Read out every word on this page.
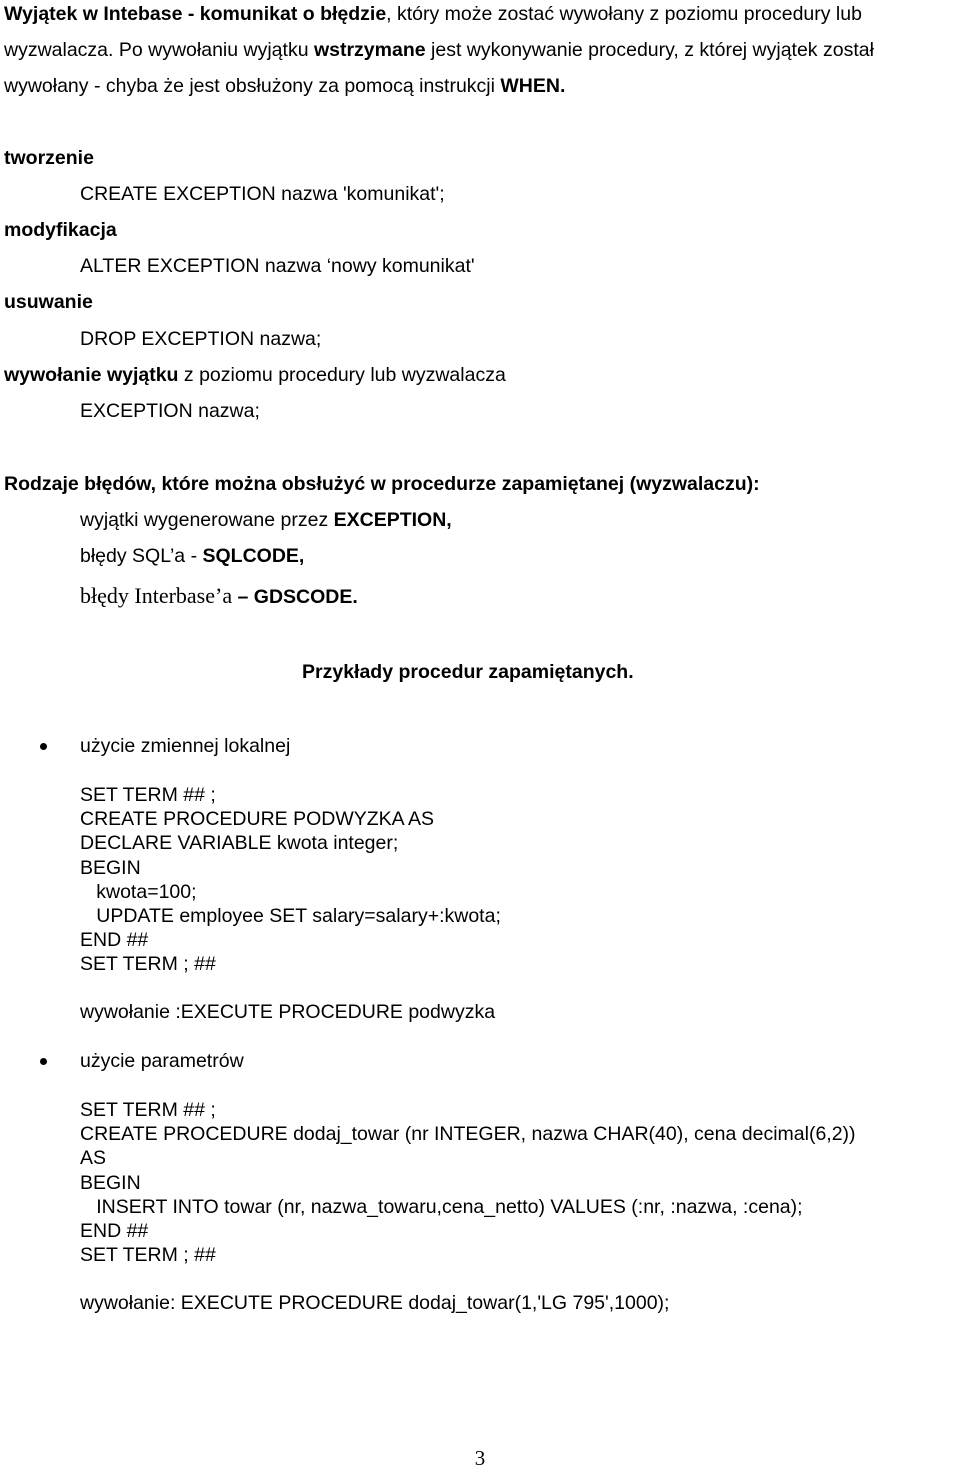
Wyjątek w Intebase - komunikat o błędzie, który może zostać wywołany z poziomu procedury lub
wyzwalacza. Po wywołaniu wyjątku wstrzymane jest wykonywanie procedury, z której wyjątek został
wywołany - chyba że jest obsłużony za pomocą instrukcji WHEN.
tworzenie
CREATE EXCEPTION nazwa 'komunikat';
modyfikacja
ALTER EXCEPTION nazwa ‘nowy komunikat'
usuwanie
DROP EXCEPTION nazwa;
wywołanie wyjątku z poziomu procedury lub wyzwalacza
EXCEPTION nazwa;
Rodzaje błędów, które można obsłużyć w procedurze zapamiętanej (wyzwalaczu):
wyjątki wygenerowane przez EXCEPTION,
błędy SQL’a - SQLCODE,
błędy Interbase’a – GDSCODE.
Przykłady procedur zapamiętanych.
użycie zmiennej lokalnej
SET TERM ## ;
CREATE PROCEDURE PODWYZKA AS
DECLARE VARIABLE kwota integer;
BEGIN
kwota=100;
UPDATE employee SET salary=salary+:kwota;
END ##
SET TERM ; ##
wywołanie :EXECUTE PROCEDURE podwyzka
użycie parametrów
SET TERM ## ;
CREATE PROCEDURE dodaj_towar (nr INTEGER, nazwa CHAR(40), cena decimal(6,2))
AS
BEGIN
INSERT INTO towar (nr, nazwa_towaru,cena_netto) VALUES (:nr, :nazwa, :cena);
END ##
SET TERM ; ##
wywołanie: EXECUTE PROCEDURE dodaj_towar(1,'LG 795',1000);
3
